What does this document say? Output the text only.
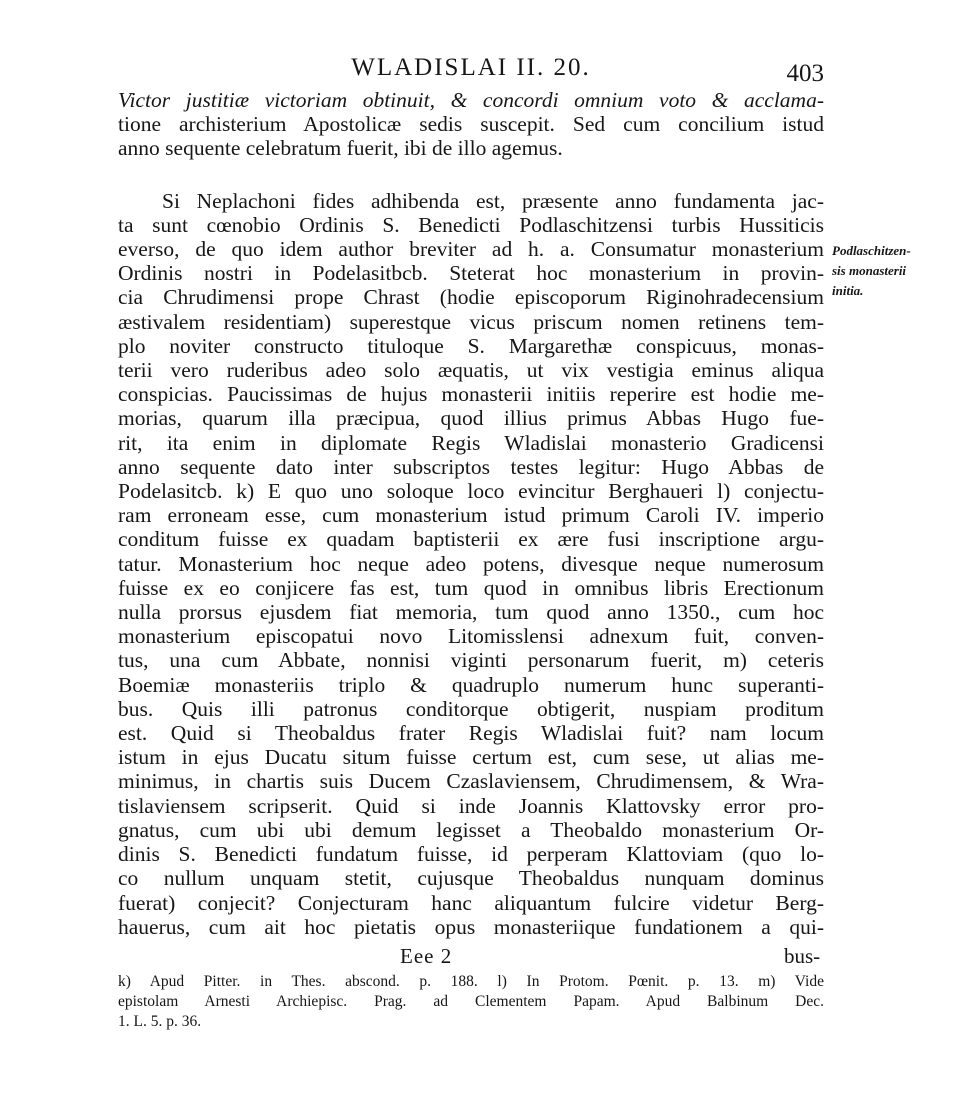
WLADISLAI II. 20.	403
Victor justitiæ victoriam obtinuit, & concordi omnium voto & acclama-
tione archisterium Apostolicæ sedis suscepit. Sed cum concilium istud
anno sequente celebratum fuerit, ibi de illo agemus.
Si Neplachoni fides adhibenda est, præsente anno fundamenta jac-
ta sunt cœnobio Ordinis S. Benedicti Podlaschitzensi turbis Hussiticis
everso, de quo idem author breviter ad h. a. Consumatur monasterium
Ordinis nostri in Podelasitbcb. Steterat hoc monasterium in provin-
cia Chrudimensi prope Chrast (hodie episcoporum Riginohradecensium
æstivalem residentiam) superestque vicus priscum nomen retinens tem-
plo noviter constructo tituloque S. Margarethæ conspicuus, monas-
terii vero ruderibus adeo solo æquatis, ut vix vestigia eminus aliqua
conspicias. Paucissimas de hujus monasterii initiis reperire est hodie me-
morias, quarum illa præcipua, quod illius primus Abbas Hugo fue-
rit, ita enim in diplomate Regis Wladislai monasterio Gradicensi
anno sequente dato inter subscriptos testes legitur: Hugo Abbas de
Podelasitcb. k) E quo uno soloque loco evincitur Berghaueri l) conjectu-
ram erroneam esse, cum monasterium istud primum Caroli IV. imperio
conditum fuisse ex quadam baptisterii ex ære fusi inscriptione argu-
tatur. Monasterium hoc neque adeo potens, divesque neque numerosum
fuisse ex eo conjicere fas est, tum quod in omnibus libris Erectionum
nulla prorsus ejusdem fiat memoria, tum quod anno 1350., cum hoc
monasterium episcopatui novo Litomisslensi adnexum fuit, conven-
tus, una cum Abbate, nonnisi viginti personarum fuerit, m) ceteris
Boemiæ monasteriis triplo & quadruplo numerum hunc superanti-
bus. Quis illi patronus conditorque obtigerit, nuspiam proditum
est. Quid si Theobaldus frater Regis Wladislai fuit? nam locum
istum in ejus Ducatu situm fuisse certum est, cum sese, ut alias me-
minimus, in chartis suis Ducem Czaslaviensem, Chrudimensem, & Wra-
tislaviensem scripserit. Quid si inde Joannis Klattovsky error pro-
gnatus, cum ubi ubi demum legisset a Theobaldo monasterium Or-
dinis S. Benedicti fundatum fuisse, id perperam Klattoviam (quo lo-
co nullum unquam stetit, cujusque Theobaldus nunquam dominus
fuerat) conjecit? Conjecturam hanc aliquantum fulcire videtur Berg-
hauerus, cum ait hoc pietatis opus monasteriique fundationem a qui-
Podlaschitzen-
sis monasterii
initia.
Eee 2	bus-
k) Apud Pitter. in Thes. abscond. p. 188. l) In Protom. Pœnit. p. 13. m) Vide
epistolam Arnesti Archiepisc. Prag. ad Clementem Papam. Apud Balbinum Dec.
1. L. 5. p. 36.
